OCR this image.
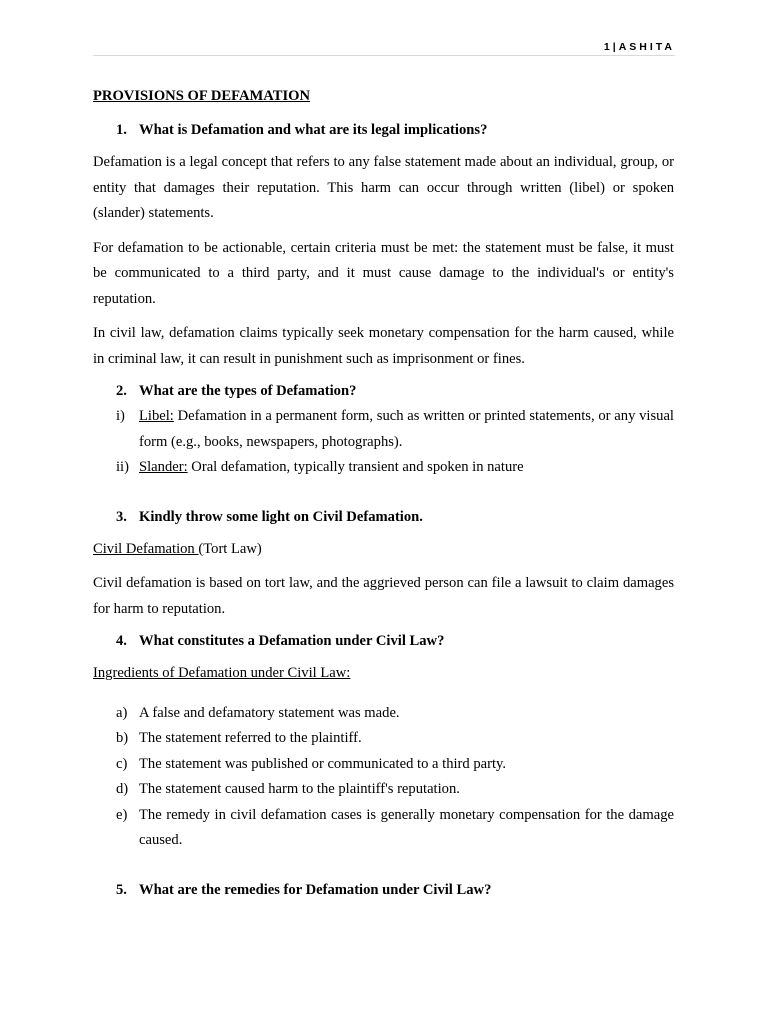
1|ASHITA

PROVISIONS OF DEFAMATION

1. What is Defamation and what are its legal implications?

Defamation is a legal concept that refers to any false statement made about an individual, group, or entity that damages their reputation. This harm can occur through written (libel) or spoken (slander) statements.

For defamation to be actionable, certain criteria must be met: the statement must be false, it must be communicated to a third party, and it must cause damage to the individual's or entity's reputation.

In civil law, defamation claims typically seek monetary compensation for the harm caused, while in criminal law, it can result in punishment such as imprisonment or fines.

2. What are the types of Defamation?

i) Libel: Defamation in a permanent form, such as written or printed statements, or any visual form (e.g., books, newspapers, photographs).

ii) Slander: Oral defamation, typically transient and spoken in nature

3. Kindly throw some light on Civil Defamation.

Civil Defamation (Tort Law)

Civil defamation is based on tort law, and the aggrieved person can file a lawsuit to claim damages for harm to reputation.

4. What constitutes a Defamation under Civil Law?

Ingredients of Defamation under Civil Law:

a) A false and defamatory statement was made.

b) The statement referred to the plaintiff.

c) The statement was published or communicated to a third party.

d) The statement caused harm to the plaintiff's reputation.

e) The remedy in civil defamation cases is generally monetary compensation for the damage caused.

5. What are the remedies for Defamation under Civil Law?
